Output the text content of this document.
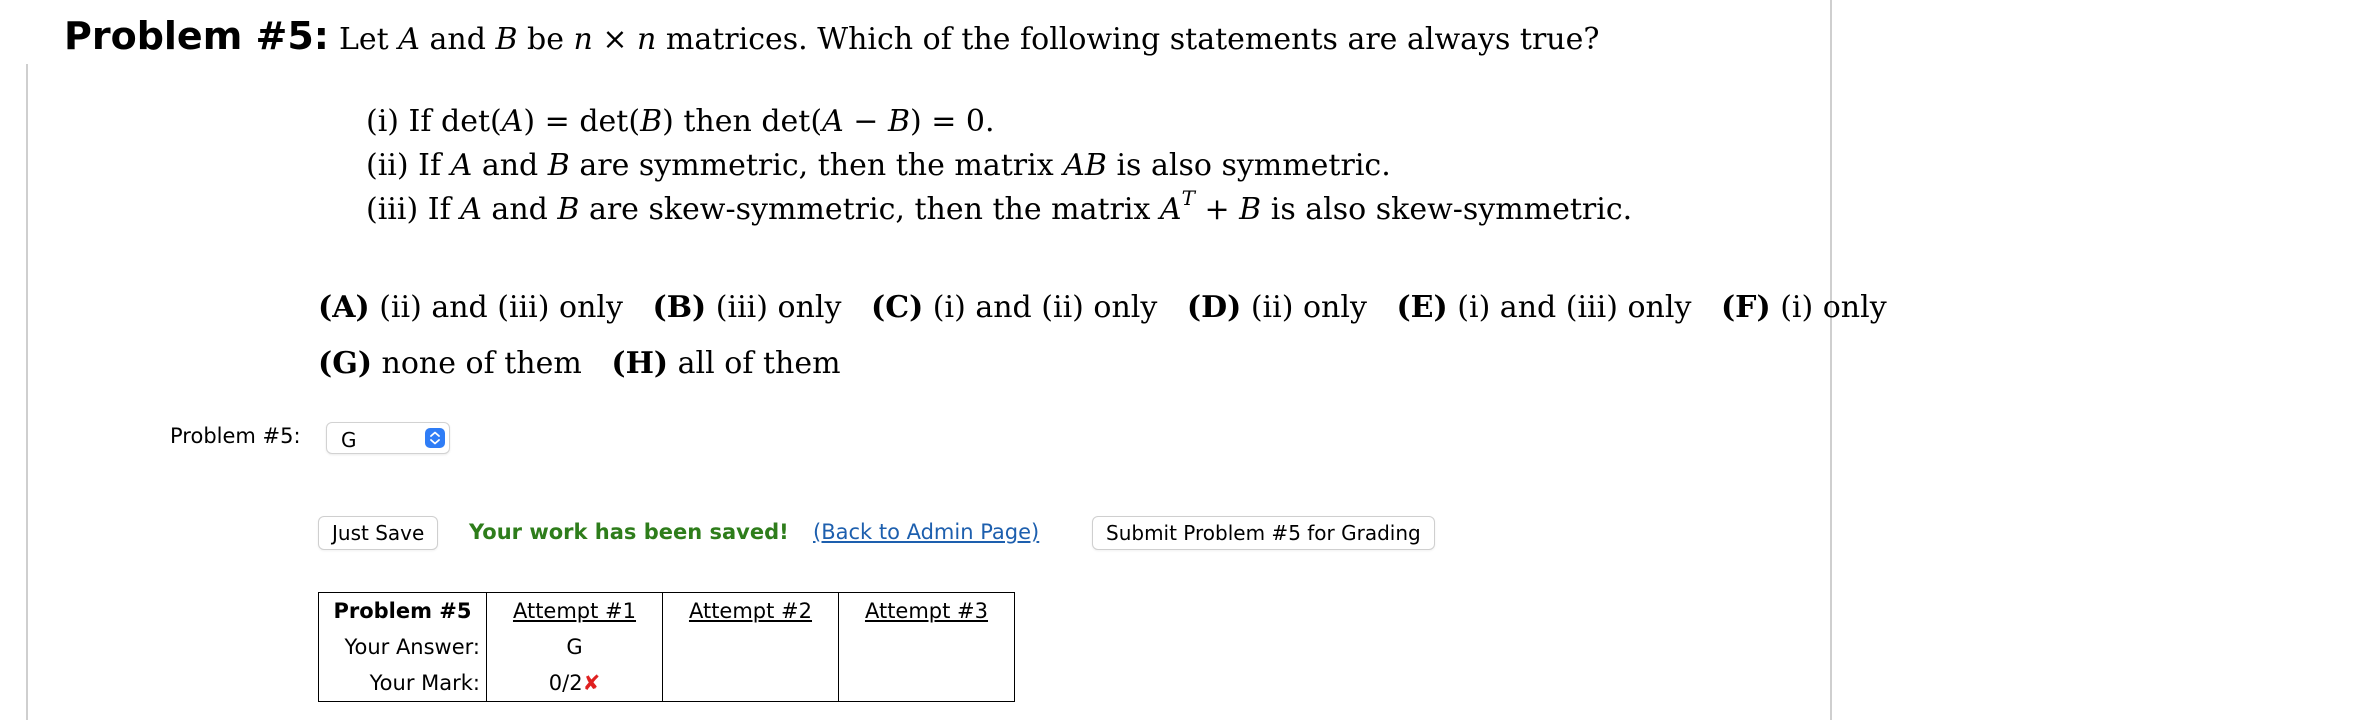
Problem #5: Let A and B be n × n matrices. Which of the following statements are always true?
(i) If det(A) = det(B) then det(A − B) = 0.
(ii) If A and B are symmetric, then the matrix AB is also symmetric.
(iii) If A and B are skew-symmetric, then the matrix $A^T + B$ is also skew-symmetric.
(A) (ii) and (iii) only (B) (iii) only (C) (i) and (ii) only (D) (ii) only (E) (i) and (iii) only (F) (i) only
(G) none of them (H) all of them
Problem #5: G
Just Save	Your work has been saved! (Back to Admin Page)	Submit Problem #5 for Grading
Problem #5	Attempt #1	Attempt #2	Attempt #3
Your Answer:	G		
Your Mark:	0/2✘		
